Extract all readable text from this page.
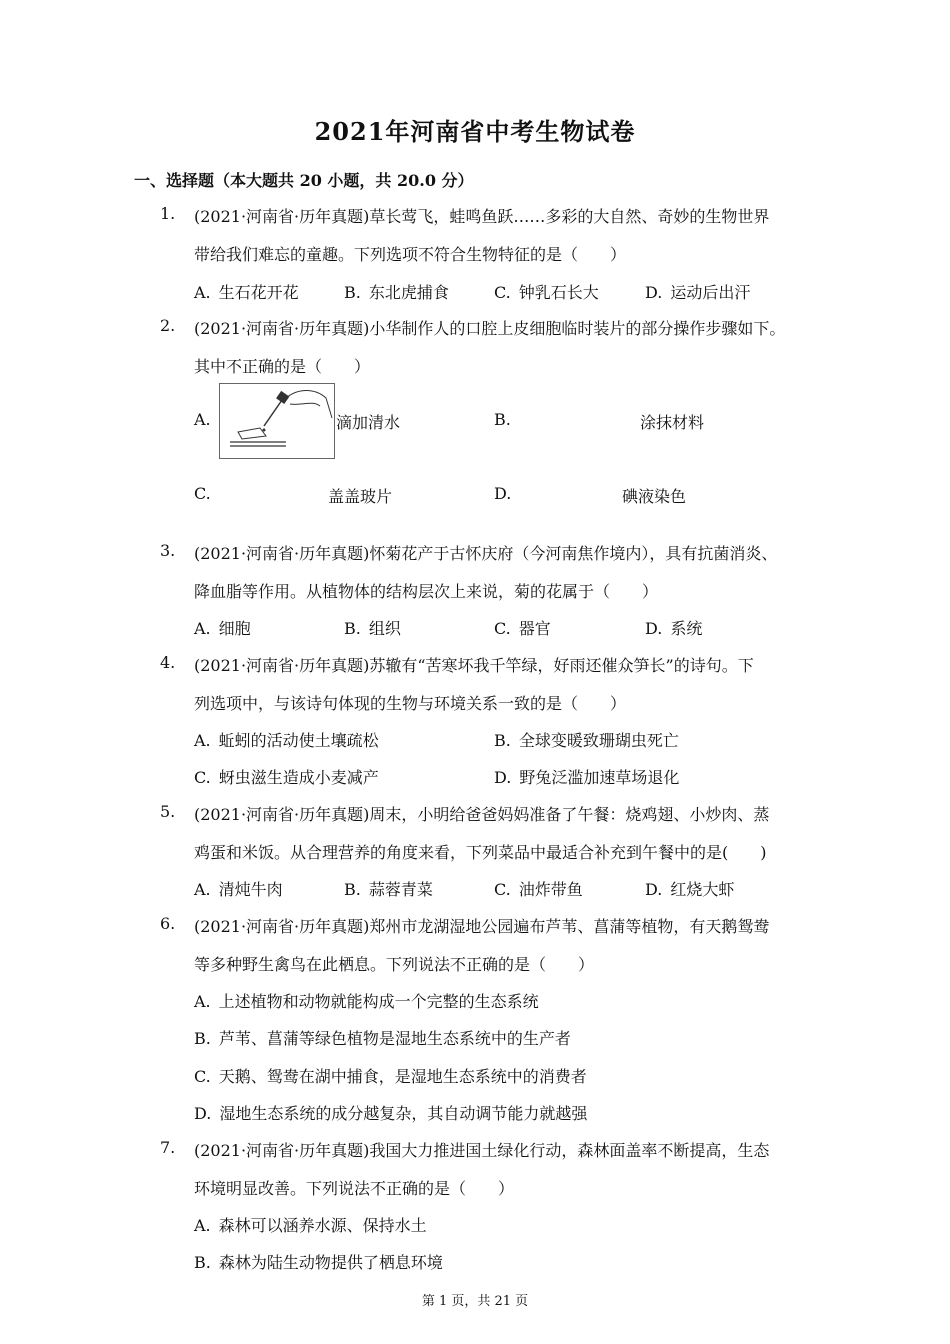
2021年河南省中考生物试卷
一、选择题（本大题共 20 小题，共 20.0 分）
1.	(2021·河南省·历年真题)草长莺飞，蛙鸣鱼跃……多彩的大自然、奇妙的生物世界
带给我们难忘的童趣。下列选项不符合生物特征的是（　　）
A. 生石花开花	B. 东北虎捕食	C. 钟乳石长大	D. 运动后出汗
2.	(2021·河南省·历年真题)小华制作人的口腔上皮细胞临时装片的部分操作步骤如下。
其中不正确的是（　　）
A.	滴加清水	B.	涂抹材料
C.	盖盖玻片	D.	碘液染色
3.	(2021·河南省·历年真题)怀菊花产于古怀庆府（今河南焦作境内），具有抗菌消炎、
降血脂等作用。从植物体的结构层次上来说，菊的花属于（　　）
A. 细胞	B. 组织	C. 器官	D. 系统
4.	(2021·河南省·历年真题)苏辙有“苦寒坏我千竿绿，好雨还催众笋长”的诗句。下
列选项中，与该诗句体现的生物与环境关系一致的是（　　）
A. 蚯蚓的活动使土壤疏松	B. 全球变暖致珊瑚虫死亡
C. 蚜虫滋生造成小麦减产	D. 野兔泛滥加速草场退化
5.	(2021·河南省·历年真题)周末，小明给爸爸妈妈准备了午餐：烧鸡翅、小炒肉、蒸
鸡蛋和米饭。从合理营养的角度来看，下列菜品中最适合补充到午餐中的是(　　)
A. 清炖牛肉	B. 蒜蓉青菜	C. 油炸带鱼	D. 红烧大虾
6.	(2021·河南省·历年真题)郑州市龙湖湿地公园遍布芦苇、菖蒲等植物，有天鹅鸳鸯
等多种野生禽鸟在此栖息。下列说法不正确的是（　　）
A. 上述植物和动物就能构成一个完整的生态系统
B. 芦苇、菖蒲等绿色植物是湿地生态系统中的生产者
C. 天鹅、鸳鸯在湖中捕食，是湿地生态系统中的消费者
D. 湿地生态系统的成分越复杂，其自动调节能力就越强
7.	(2021·河南省·历年真题)我国大力推进国土绿化行动，森林面盖率不断提高，生态
环境明显改善。下列说法不正确的是（　　）
A. 森林可以涵养水源、保持水土
B. 森林为陆生动物提供了栖息环境
第 1 页，共 21 页
